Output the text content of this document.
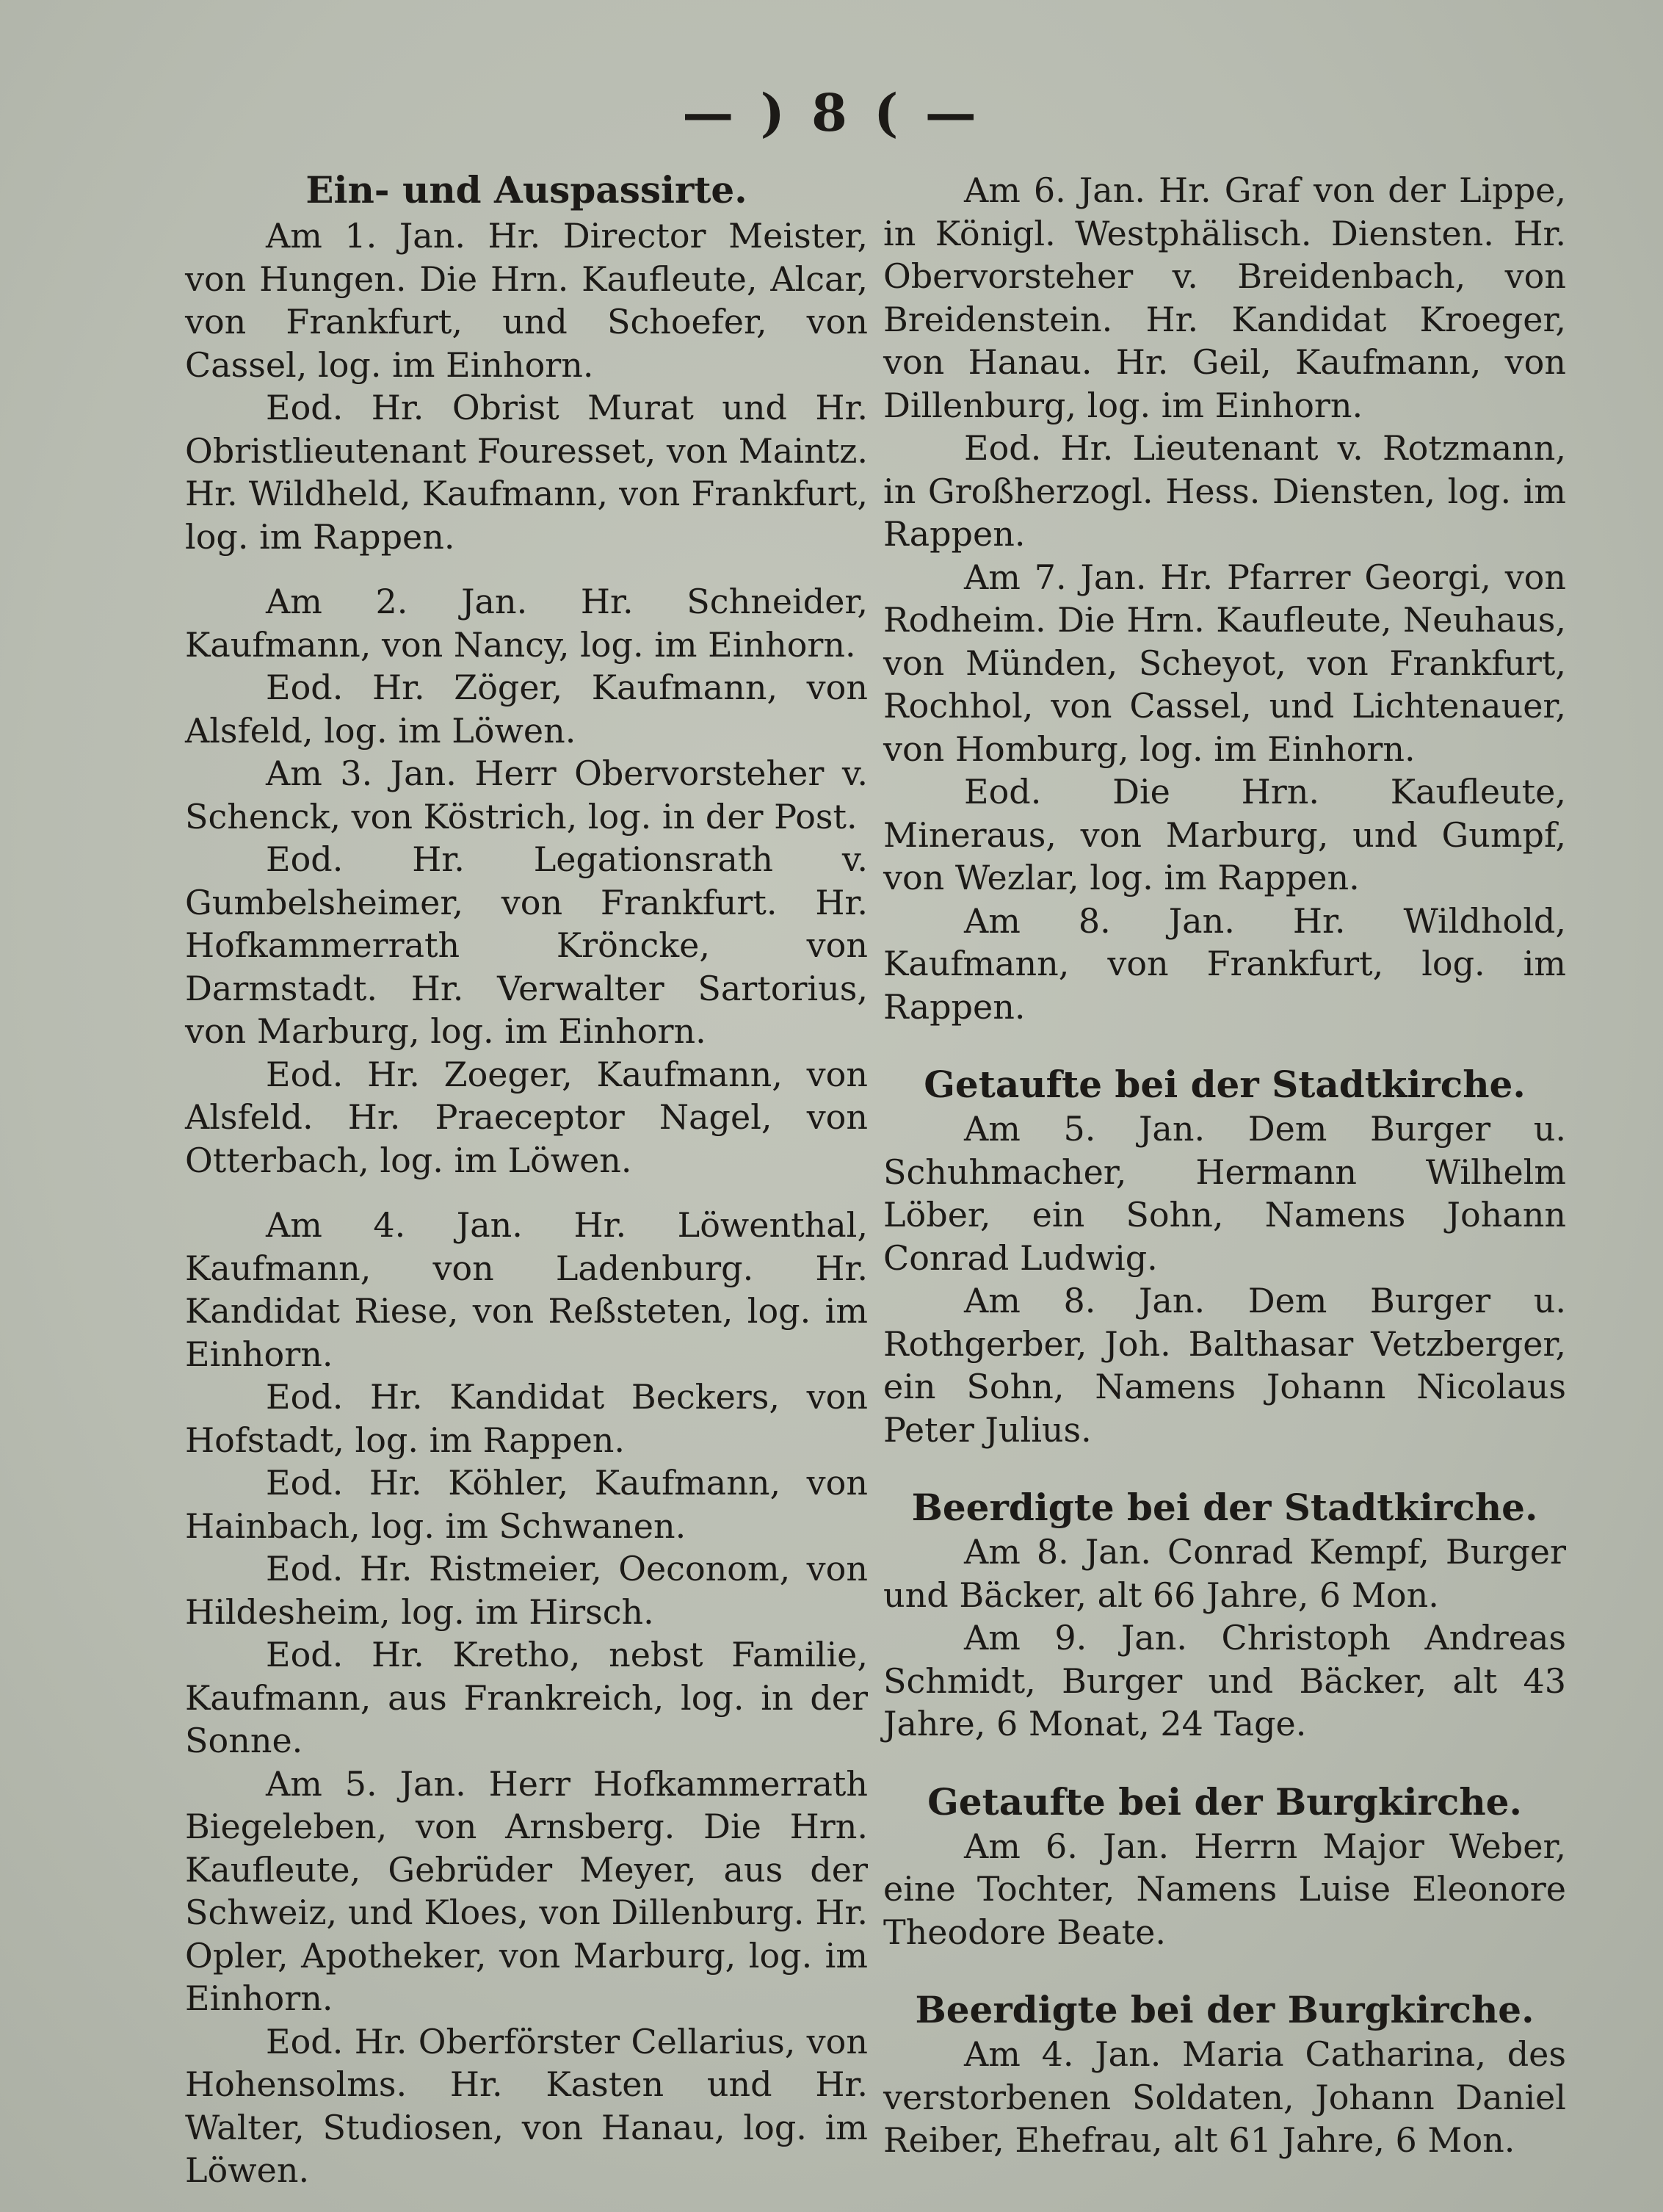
— ) 8 ( —
Ein- und Auspassirte.

Am 1. Jan. Hr. Director Meister, von Hungen. Die Hrn. Kaufleute, Alcar, von Frankfurt, und Schoefer, von Cassel, log. im Einhorn.

Eod. Hr. Obrist Murat und Hr. Obristlieutenant Fouresset, von Maintz. Hr. Wildheld, Kaufmann, von Frankfurt, log. im Rappen.

Am 2. Jan. Hr. Schneider, Kaufmann, von Nancy, log. im Einhorn.

Eod. Hr. Zöger, Kaufmann, von Alsfeld, log. im Löwen.

Am 3. Jan. Herr Obervorsteher v. Schenck, von Köstrich, log. in der Post.

Eod. Hr. Legationsrath v. Gumbelsheimer, von Frankfurt. Hr. Hofkammerrath Kröncke, von Darmstadt. Hr. Verwalter Sartorius, von Marburg, log. im Einhorn.

Eod. Hr. Zoeger, Kaufmann, von Alsfeld. Hr. Praeceptor Nagel, von Otterbach, log. im Löwen.

Am 4. Jan. Hr. Löwenthal, Kaufmann, von Ladenburg. Hr. Kandidat Riese, von Reßsteten, log. im Einhorn.

Eod. Hr. Kandidat Beckers, von Hofstadt, log. im Rappen.

Eod. Hr. Köhler, Kaufmann, von Hainbach, log. im Schwanen.

Eod. Hr. Ristmeier, Oeconom, von Hildesheim, log. im Hirsch.

Eod. Hr. Kretho, nebst Familie, Kaufmann, aus Frankreich, log. in der Sonne.

Am 5. Jan. Herr Hofkammerrath Biegeleben, von Arnsberg. Die Hrn. Kaufleute, Gebrüder Meyer, aus der Schweiz, und Kloes, von Dillenburg. Hr. Opler, Apotheker, von Marburg, log. im Einhorn.

Eod. Hr. Oberförster Cellarius, von Hohensolms. Hr. Kasten und Hr. Walter, Studiosen, von Hanau, log. im Löwen.

Am 6. Jan. Hr. Graf von der Lippe, in Königl. Westphälisch. Diensten. Hr. Obervorsteher v. Breidenbach, von Breidenstein. Hr. Kandidat Kroeger, von Hanau. Hr. Geil, Kaufmann, von Dillenburg, log. im Einhorn.

Eod. Hr. Lieutenant v. Rotzmann, in Großherzogl. Hess. Diensten, log. im Rappen.

Am 7. Jan. Hr. Pfarrer Georgi, von Rodheim. Die Hrn. Kaufleute, Neuhaus, von Münden, Scheyot, von Frankfurt, Rochhol, von Cassel, und Lichtenauer, von Homburg, log. im Einhorn.

Eod. Die Hrn. Kaufleute, Mineraus, von Marburg, und Gumpf, von Wezlar, log. im Rappen.

Am 8. Jan. Hr. Wildhold, Kaufmann, von Frankfurt, log. im Rappen.

Getaufte bei der Stadtkirche.

Am 5. Jan. Dem Burger u. Schuhmacher, Hermann Wilhelm Löber, ein Sohn, Namens Johann Conrad Ludwig.

Am 8. Jan. Dem Burger u. Rothgerber, Joh. Balthasar Vetzberger, ein Sohn, Namens Johann Nicolaus Peter Julius.

Beerdigte bei der Stadtkirche.

Am 8. Jan. Conrad Kempf, Burger und Bäcker, alt 66 Jahre, 6 Mon.

Am 9. Jan. Christoph Andreas Schmidt, Burger und Bäcker, alt 43 Jahre, 6 Monat, 24 Tage.

Getaufte bei der Burgkirche.

Am 6. Jan. Herrn Major Weber, eine Tochter, Namens Luise Eleonore Theodore Beate.

Beerdigte bei der Burgkirche.

Am 4. Jan. Maria Catharina, des verstorbenen Soldaten, Johann Daniel Reiber, Ehefrau, alt 61 Jahre, 6 Mon.
